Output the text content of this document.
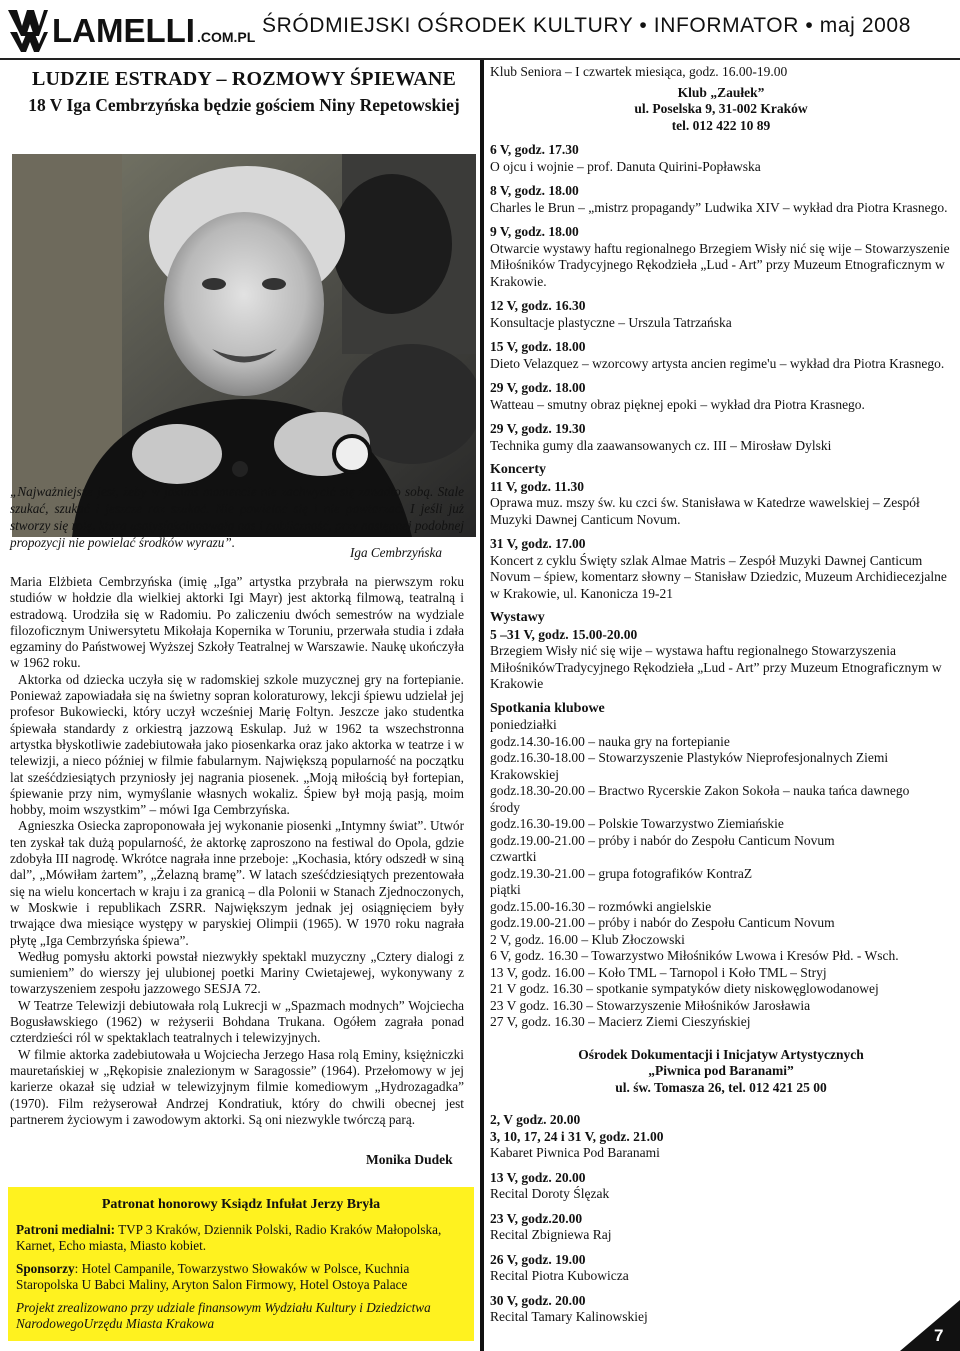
LAMELLI .COM.PL ŚRÓDMIEJSKI OŚRODEK KULTURY • INFORMATOR • maj 2008
LUDZIE ESTRADY – ROZMOWY ŚPIEWANE
18 V Iga Cembrzyńska będzie gościem Niny Repetowskiej
„Najważniejsze jest, żeby w jakimś momencie nie zachwycić się zanadto sobą. Stale szukać, szukać i jeszcze raz szukać. Nie powielać się i nie powtarzać. I jeśli już stworzy się rolę, która usatysfakcjonowała nas i publiczność, przy następnej podobnej propozycji nie powielać środków wyrazu”.
Iga Cembrzyńska

Maria Elżbieta Cembrzyńska (imię „Iga” artystka przybrała na pierwszym roku studiów w hołdzie dla wielkiej aktorki Igi Mayr) jest aktorką filmową, teatralną i estradową. Urodziła się w Radomiu. Po zaliczeniu dwóch semestrów na wydziale filozoficznym Uniwersytetu Mikołaja Kopernika w Toruniu, przerwała studia i zdała egzaminy do Państwowej Wyższej Szkoły Teatralnej w Warszawie. Naukę ukończyła w 1962 roku.

Aktorka od dziecka uczyła się w radomskiej szkole muzycznej gry na fortepianie. Ponieważ zapowiadała się na świetny sopran koloraturowy, lekcji śpiewu udzielał jej profesor Bukowiecki, który uczył wcześniej Marię Foltyn. Jeszcze jako studentka śpiewała standardy z orkiestrą jazzową Eskulap. Już w 1962 ta wszechstronna artystka błyskotliwie zadebiutowała jako piosenkarka oraz jako aktorka w teatrze i w telewizji, a nieco później w filmie fabularnym. Największą popularność na początku lat sześćdziesiątych przyniosły jej nagrania piosenek. „Moją miłością był fortepian, śpiewanie przy nim, wymyślanie własnych wokaliz. Śpiew był moją pasją, moim hobby, moim wszystkim” – mówi Iga Cembrzyńska.

Agnieszka Osiecka zaproponowała jej wykonanie piosenki „Intymny świat”. Utwór ten zyskał tak dużą popularność, że aktorkę zaproszono na festiwal do Opola, gdzie zdobyła III nagrodę. Wkrótce nagrała inne przeboje: „Kochasia, który odszedł w siną dal”, „Mówiłam żartem”, „Żelazną bramę”. W latach sześćdziesiątych prezentowała się na wielu koncertach w kraju i za granicą – dla Polonii w Stanach Zjednoczonych, w Moskwie i republikach ZSRR. Największym jednak jej osiągnięciem były trwające dwa miesiące występy w paryskiej Olimpii (1965). W 1970 roku nagrała płytę „Iga Cembrzyńska śpiewa”.

Według pomysłu aktorki powstał niezwykły spektakl muzyczny „Cztery dialogi z sumieniem” do wierszy jej ulubionej poetki Mariny Cwietajewej, wykonywany z towarzyszeniem zespołu jazzowego SESJA 72.

W Teatrze Telewizji debiutowała rolą Lukrecji w „Spazmach modnych” Wojciecha Bogusławskiego (1962) w reżyserii Bohdana Trukana. Ogółem zagrała ponad czterdzieści ról w spektaklach teatralnych i telewizyjnych.

W filmie aktorka zadebiutowała u Wojciecha Jerzego Hasa rolą Eminy, księżniczki mauretańskiej w „Rękopisie znalezionym w Saragossie” (1964). Przełomowy w jej karierze okazał się udział w telewizyjnym filmie komediowym „Hydrozagadka” (1970). Film reżyserował Andrzej Kondratiuk, który do chwili obecnej jest partnerem życiowym i zawodowym aktorki. Są oni niezwykle twórczą parą.

Monika Dudek
Patronat honorowy Ksiądz Infułat Jerzy Bryła

Patroni medialni: TVP 3 Kraków, Dziennik Polski, Radio Kraków Małopolska, Karnet, Echo miasta, Miasto kobiet.

Sponsorzy: Hotel Campanile, Towarzystwo Słowaków w Polsce, Kuchnia Staropolska U Babci Maliny, Aryton Salon Firmowy, Hotel Ostoya Palace

Projekt zrealizowano przy udziale finansowym Wydziału Kultury i Dziedzictwa NarodowegoUrzędu Miasta Krakowa

Klub Seniora – I czwartek miesiąca, godz. 16.00-19.00
Klub „Zaułek”
ul. Poselska 9, 31-002 Kraków
tel. 012 422 10 89
6 V, godz. 17.30
O ojcu i wojnie – prof. Danuta Quirini-Popławska
8 V, godz. 18.00
Charles le Brun – „mistrz propagandy” Ludwika XIV – wykład dra Piotra Krasnego.
9 V, godz. 18.00
Otwarcie wystawy haftu regionalnego Brzegiem Wisły nić się wije – Stowarzyszenie Miłośników Tradycyjnego Rękodzieła „Lud - Art” przy Muzeum Etnograficznym w Krakowie.
12 V, godz. 16.30
Konsultacje plastyczne – Urszula Tatrzańska
15 V, godz. 18.00
Dieto Velazquez – wzorcowy artysta ancien regime'u – wykład dra Piotra Krasnego.
29 V, godz. 18.00
Watteau – smutny obraz pięknej epoki – wykład dra Piotra Krasnego.
29 V, godz. 19.30
Technika gumy dla zaawansowanych cz. III – Mirosław Dylski
Koncerty
11 V, godz. 11.30
Oprawa muz. mszy św. ku czci św. Stanisława w Katedrze wawelskiej – Zespół Muzyki Dawnej Canticum Novum.
31 V, godz. 17.00
Koncert z cyklu Święty szlak Almae Matris – Zespół Muzyki Dawnej Canticum Novum – śpiew, komentarz słowny – Stanisław Dziedzic, Muzeum Archidiecezjalne w Krakowie, ul. Kanonicza 19-21
Wystawy
5 –31 V, godz. 15.00-20.00
Brzegiem Wisły nić się wije – wystawa haftu regionalnego Stowarzyszenia MiłośnikówTradycyjnego Rękodzieła „Lud - Art” przy Muzeum Etnograficznym w Krakowie
Spotkania klubowe
poniedziałki
godz.14.30-16.00 – nauka gry na fortepianie
godz.16.30-18.00 – Stowarzyszenie Plastyków Nieprofesjonalnych Ziemi Krakowskiej
godz.18.30-20.00 – Bractwo Rycerskie Zakon Sokoła – nauka tańca dawnego
środy
godz.16.30-19.00 – Polskie Towarzystwo Ziemiańskie
godz.19.00-21.00 – próby i nabór do Zespołu Canticum Novum
czwartki
godz.19.30-21.00 – grupa fotografików KontraZ
piątki
godz.15.00-16.30 – rozmówki angielskie
godz.19.00-21.00 – próby i nabór do Zespołu Canticum Novum
2 V, godz. 16.00 – Klub Złoczowski
6 V, godz. 16.30 – Towarzystwo Miłośników Lwowa i Kresów Płd. - Wsch.
13 V, godz. 16.00 – Koło TML – Tarnopol i Koło TML – Stryj
21 V godz. 16.30 – spotkanie sympatyków diety niskowęglowodanowej
23 V godz. 16.30 – Stowarzyszenie Miłośników Jarosławia
27 V, godz. 16.30 – Macierz Ziemi Cieszyńskiej
Ośrodek Dokumentacji i Inicjatyw Artystycznych
„Piwnica pod Baranami”
ul. św. Tomasza 26, tel. 012 421 25 00
2, V godz. 20.00
3, 10, 17, 24 i 31 V, godz. 21.00
Kabaret Piwnica Pod Baranami
13 V, godz. 20.00
Recital Doroty Ślęzak
23 V, godz.20.00
Recital Zbigniewa Raj
26 V, godz. 19.00
Recital Piotra Kubowicza
30 V, godz. 20.00
Recital Tamary Kalinowskiej
7
